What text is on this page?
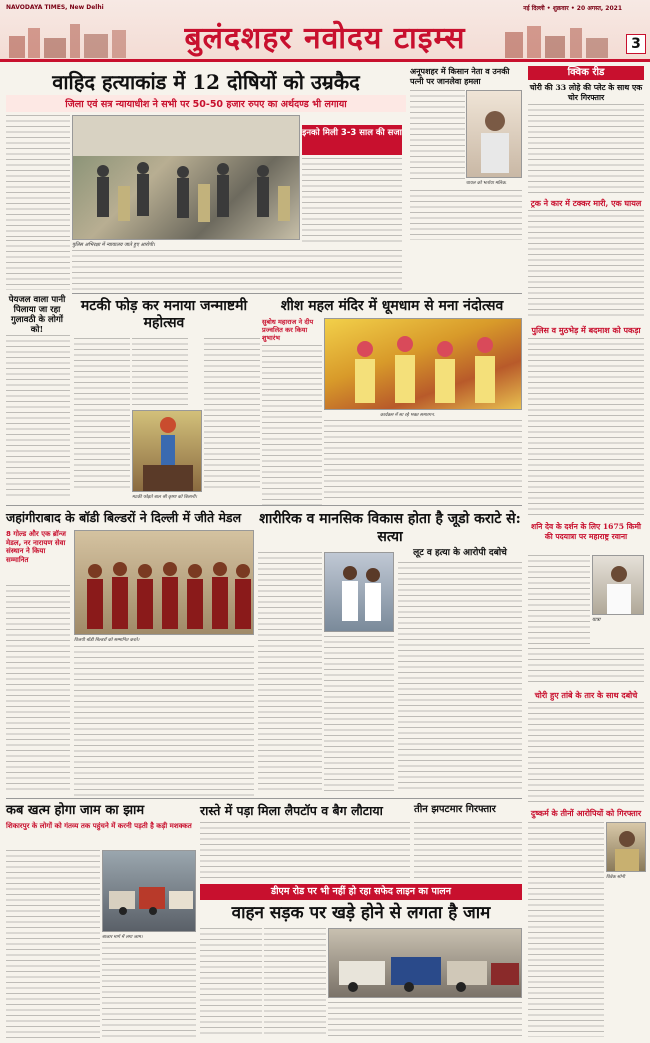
NAVODAYA TIMES, New Delhi	नई दिल्ली • शुक्रवार • 20 अगस्त, 2021
बुलंदशहर नवोदय टाइम्स	3
वाहिद हत्याकांड में 12 दोषियों को उम्रकैद
जिला एवं सत्र न्यायाधीश ने सभी पर 50-50 हजार रुपए का अर्थदण्ड भी लगाया
इनको मिली 3-3 साल की सजा
पुलिस अभिरक्षा में न्यायालय जाते हुए आरोपी।
पेयजल वाला पानी पिलाया जा रहा गुलावठी के लोगों को!
अनूपशहर में किसान नेता व उनकी पत्नी पर जानलेवा हमला
घायल को भर्ताया मलिक.
क्विक रीड
चोरी की 33 लोहे की प्लेट के साथ एक चोर गिरफ्तार
ट्रक ने कार में टक्कर मारी, एक घायल
पुलिस व मुठभेड़ में बदमाश को पकड़ा
शनि देव के दर्शन के लिए 1675 किमी की पदयात्रा पर महाराष्ट्र रवाना
यात्रा
मटकी फोड़ कर मनाया जन्माष्टमी महोत्सव
मटकी फोड़ते बाल श्री कृष्ण को बिलानी।
शीश महल मंदिर में धूमधाम से मना नंदोत्सव
सुबोध महाराज ने दीप प्रज्वलित कर किया शुभारंभ
कार्यक्रम में सा रहे भक्त समारगन.
जहांगीराबाद के बॉडी बिल्डरों ने दिल्ली में जीते मेडल
8 गोल्ड और एक ब्रॉन्ज मेडल, नर नारायण सेवा संस्थान ने किया सम्मानित
विजयी बॉडी बिल्डरों को सम्मानित करते।
शारीरिक व मानसिक विकास होता है जूडो कराटे से: सत्या
लूट व हत्या के आरोपी दबोचे
चोरी हुए तांबे के तार के साथ दबोचे
दुष्कर्म के तीनों आरोपियों को गिरफ्तार
विवेक सोनी
कब खत्म होगा जाम का झाम
शिकारपुर के लोगों को गंतव्य तक पहुंचने में करनी पड़ती है कड़ी मशक्कत
बाजार मार्ग में लगा जाम।
रास्ते में पड़ा मिला लैपटॉप व बैग लौटाया	तीन झपटमार गिरफ्तार
डीएम रोड पर भी नहीं हो रहा सफेद लाइन का पालन
वाहन सड़क पर खड़े होने से लगता है जाम
